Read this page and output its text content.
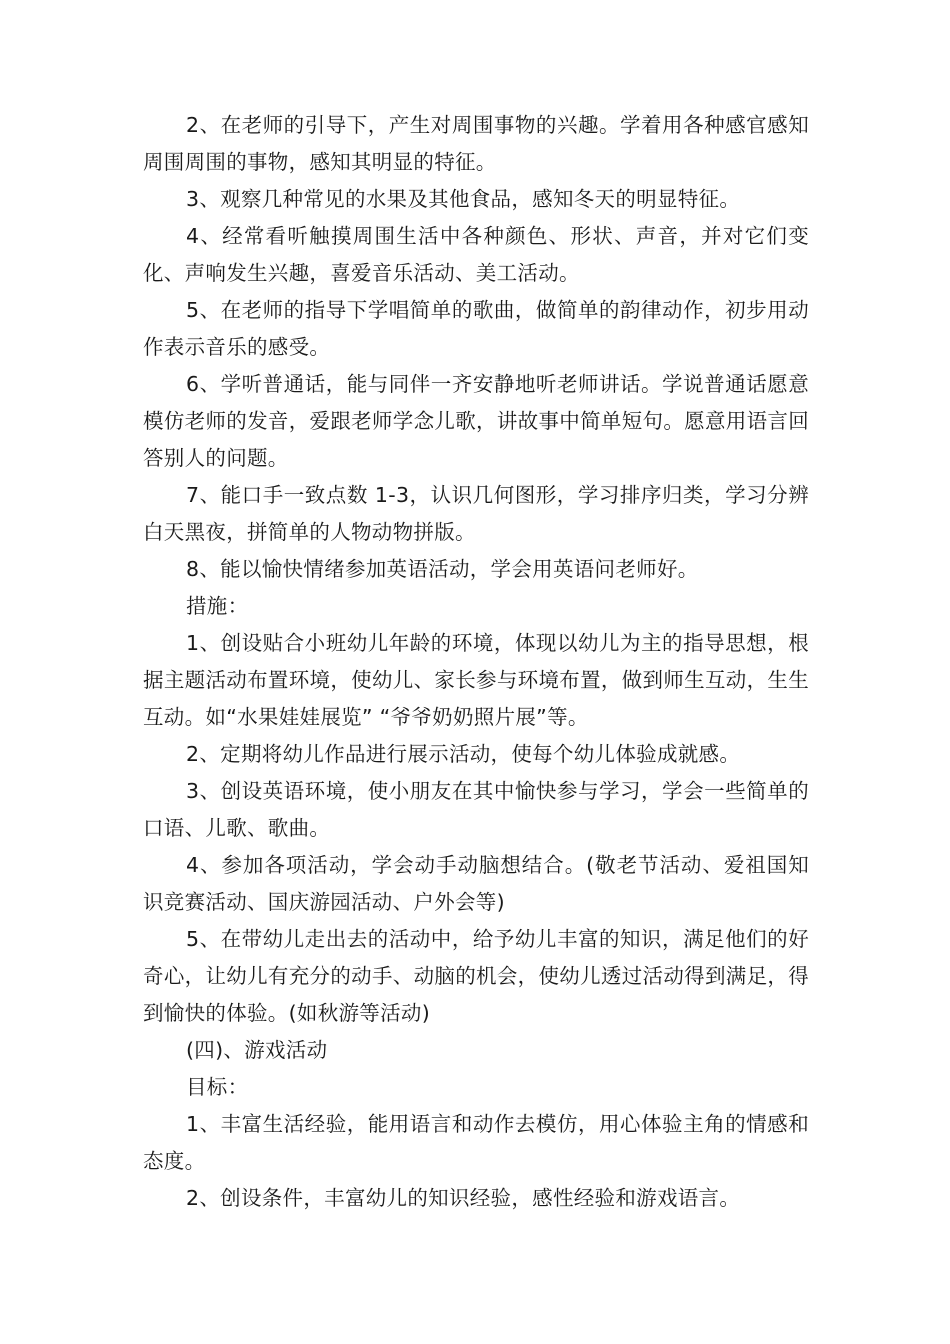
2、在老师的引导下，产生对周围事物的兴趣。学着用各种感官感知周围周围的事物，感知其明显的特征。

3、观察几种常见的水果及其他食品，感知冬天的明显特征。

4、经常看听触摸周围生活中各种颜色、形状、声音，并对它们变化、声响发生兴趣，喜爱音乐活动、美工活动。

5、在老师的指导下学唱简单的歌曲，做简单的韵律动作，初步用动作表示音乐的感受。

6、学听普通话，能与同伴一齐安静地听老师讲话。学说普通话愿意模仿老师的发音，爱跟老师学念儿歌，讲故事中简单短句。愿意用语言回答别人的问题。

7、能口手一致点数 1-3，认识几何图形，学习排序归类，学习分辨白天黑夜，拼简单的人物动物拼版。

8、能以愉快情绪参加英语活动，学会用英语问老师好。

措施：

1、创设贴合小班幼儿年龄的环境，体现以幼儿为主的指导思想，根据主题活动布置环境，使幼儿、家长参与环境布置，做到师生互动，生生互动。如“水果娃娃展览” “爷爷奶奶照片展”等。

2、定期将幼儿作品进行展示活动，使每个幼儿体验成就感。

3、创设英语环境，使小朋友在其中愉快参与学习，学会一些简单的口语、儿歌、歌曲。

4、参加各项活动，学会动手动脑想结合。(敬老节活动、爱祖国知识竞赛活动、国庆游园活动、户外会等)

5、在带幼儿走出去的活动中，给予幼儿丰富的知识，满足他们的好奇心，让幼儿有充分的动手、动脑的机会，使幼儿透过活动得到满足，得到愉快的体验。(如秋游等活动)

(四)、游戏活动

目标：

1、丰富生活经验，能用语言和动作去模仿，用心体验主角的情感和态度。

2、创设条件，丰富幼儿的知识经验，感性经验和游戏语言。
